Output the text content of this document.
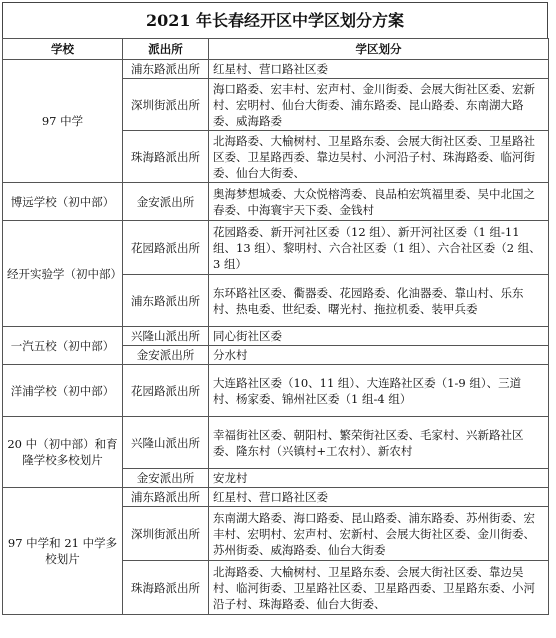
2021 年长春经开区中学区划分方案
学校	派出所	学区划分
97 中学	浦东路派出所	红星村、营口路社区委
	深圳街派出所	海口路委、宏丰村、宏声村、金川街委、会展大街社区委、宏新村、宏明村、仙台大街委、浦东路委、昆山路委、东南湖大路委、威海路委
	珠海路派出所	北海路委、大榆树村、卫星路东委、会展大街社区委、卫星路社区委、卫星路西委、靠边吴村、小河沿子村、珠海路委、临河街委、仙台大街委、
博远学校（初中部）	金安派出所	奥海梦想城委、大众悦榕湾委、良品柏宏筑福里委、吴中北国之春委、中海寰宇天下委、金钱村
经开实验学（初中部）	花园路派出所	花园路委、新开河社区委（12 组）、新开河社区委（1 组-11 组、13 组）、黎明村、六合社区委（1 组）、六合社区委（2 组、3 组）
	浦东路派出所	东环路社区委、衢器委、花园路委、化油器委、靠山村、乐东村、热电委、世纪委、曙光村、拖拉机委、装甲兵委
一汽五校（初中部）	兴隆山派出所	同心街社区委
	金安派出所	分水村
洋浦学校（初中部）	花园路派出所	大连路社区委（10、11 组）、大连路社区委（1-9 组）、三道村、杨家委、锦州社区委（1 组-4 组）
20 中（初中部）和育隆学校多校划片	兴隆山派出所	幸福街社区委、朝阳村、繁荣街社区委、毛家村、兴新路社区委、隆东村（兴镇村+工农村）、新农村
	金安派出所	安龙村
97 中学和 21 中学多校划片	浦东路派出所	红星村、营口路社区委
	深圳街派出所	东南湖大路委、海口路委、昆山路委、浦东路委、苏州街委、宏丰村、宏明村、宏声村、宏新村、会展大街社区委、金川街委、苏州街委、威海路委、仙台大街委
	珠海路派出所	北海路委、大榆树村、卫星路东委、会展大街社区委、靠边吴村、临河街委、卫星路社区委、卫星路西委、卫星路东委、小河沿子村、珠海路委、仙台大街委、
